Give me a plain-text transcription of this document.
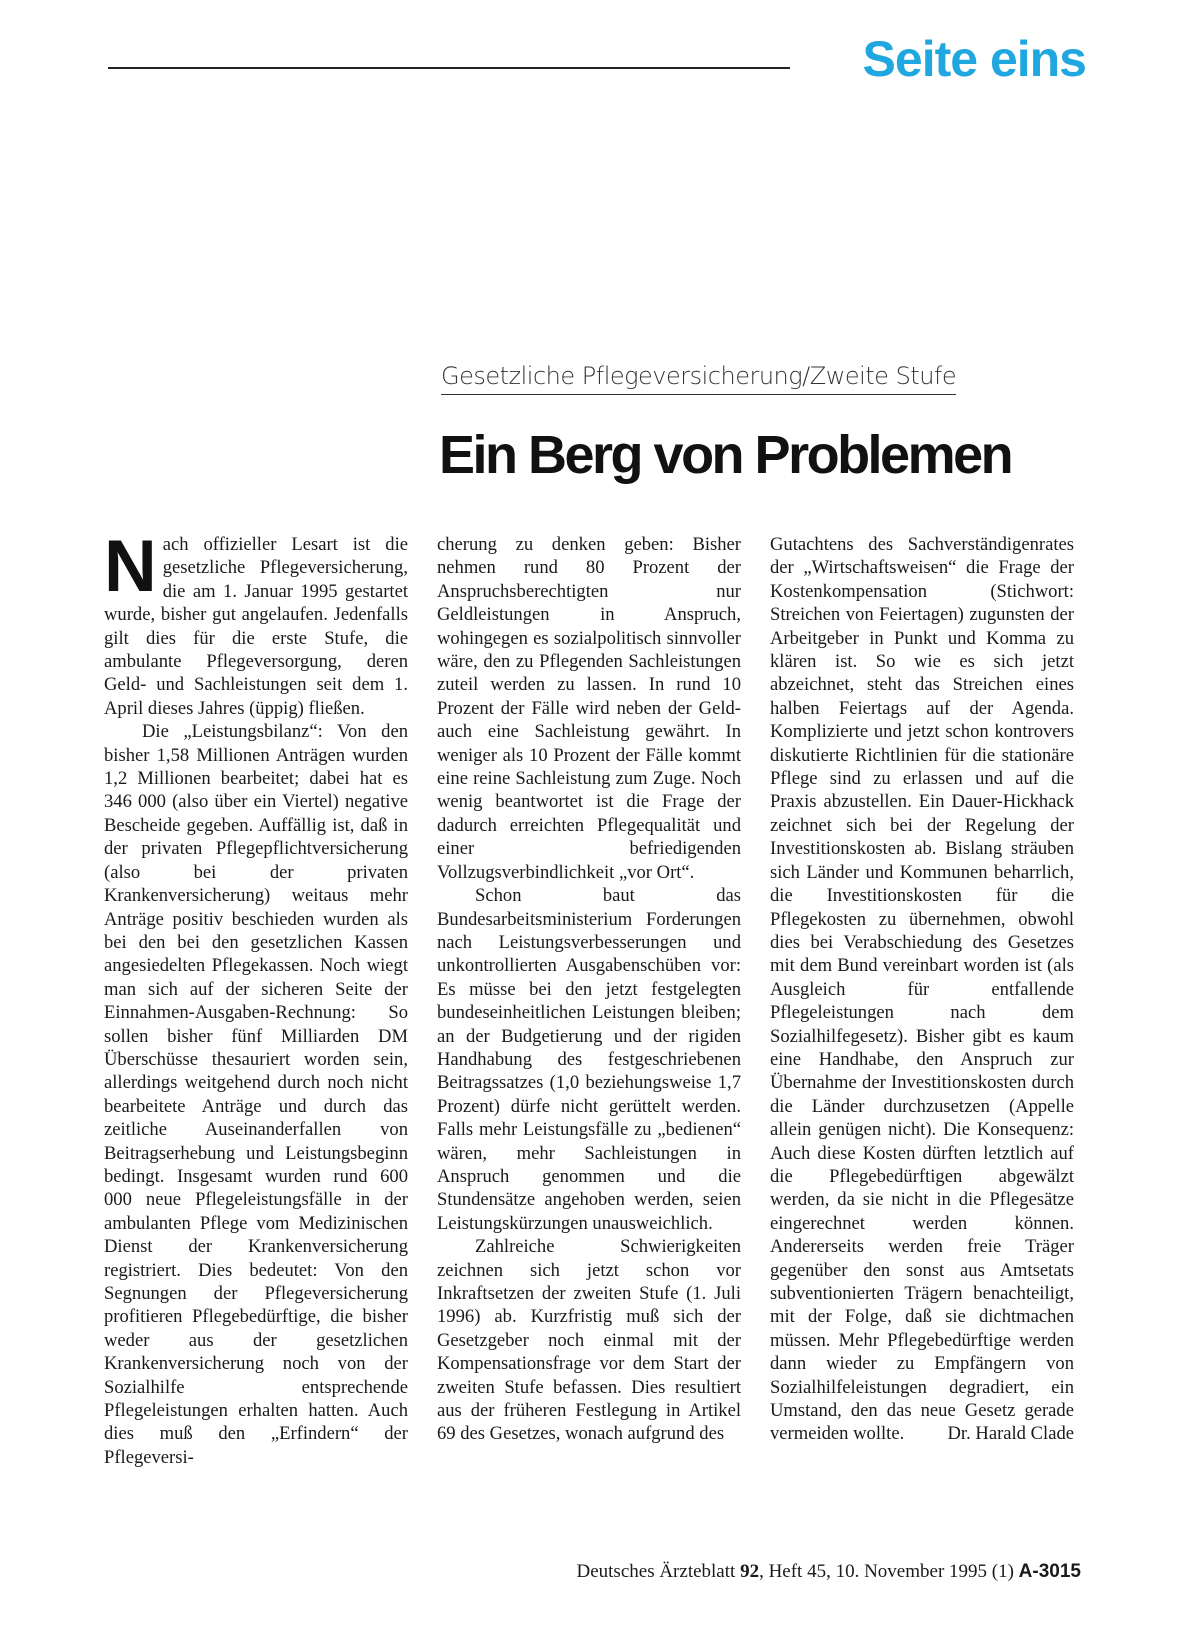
Seite eins
Gesetzliche Pflegeversicherung/Zweite Stufe
Ein Berg von Problemen
N ach offizieller Lesart ist die gesetzliche Pflegeversicherung, die am 1. Januar 1995 gestartet wurde, bisher gut angelaufen. Jedenfalls gilt dies für die erste Stufe, die ambulante Pflegeversorgung, deren Geld- und Sachleistungen seit dem 1. April dieses Jahres (üppig) fließen.

Die „Leistungsbilanz“: Von den bisher 1,58 Millionen Anträgen wurden 1,2 Millionen bearbeitet; dabei hat es 346 000 (also über ein Viertel) negative Bescheide gegeben. Auffällig ist, daß in der privaten Pflegepflichtversicherung (also bei der privaten Krankenversicherung) weitaus mehr Anträge positiv beschieden wurden als bei den bei den gesetzlichen Kassen angesiedelten Pflegekassen. Noch wiegt man sich auf der sicheren Seite der Einnahmen-Ausgaben-Rechnung: So sollen bisher fünf Milliarden DM Überschüsse thesauriert worden sein, allerdings weitgehend durch noch nicht bearbeitete Anträge und durch das zeitliche Auseinanderfallen von Beitragserhebung und Leistungsbeginn bedingt. Insgesamt wurden rund 600 000 neue Pflegeleistungsfälle in der ambulanten Pflege vom Medizinischen Dienst der Krankenversicherung registriert. Dies bedeutet: Von den Segnungen der Pflegeversicherung profitieren Pflegebedürftige, die bisher weder aus der gesetzlichen Krankenversicherung noch von der Sozialhilfe entsprechende Pflegeleistungen erhalten hatten. Auch dies muß den „Erfindern“ der Pflegeversi-

cherung zu denken geben: Bisher nehmen rund 80 Prozent der Anspruchsberechtigten nur Geldleistungen in Anspruch, wohingegen es sozialpolitisch sinnvoller wäre, den zu Pflegenden Sachleistungen zuteil werden zu lassen. In rund 10 Prozent der Fälle wird neben der Geld- auch eine Sachleistung gewährt. In weniger als 10 Prozent der Fälle kommt eine reine Sachleistung zum Zuge. Noch wenig beantwortet ist die Frage der dadurch erreichten Pflegequalität und einer befriedigenden Vollzugsverbindlichkeit „vor Ort“.

Schon baut das Bundesarbeitsministerium Forderungen nach Leistungsverbesserungen und unkontrollierten Ausgabenschüben vor: Es müsse bei den jetzt festgelegten bundeseinheitlichen Leistungen bleiben; an der Budgetierung und der rigiden Handhabung des festgeschriebenen Beitragssatzes (1,0 beziehungsweise 1,7 Prozent) dürfe nicht gerüttelt werden. Falls mehr Leistungsfälle zu „bedienen“ wären, mehr Sachleistungen in Anspruch genommen und die Stundensätze angehoben werden, seien Leistungskürzungen unausweichlich.

Zahlreiche Schwierigkeiten zeichnen sich jetzt schon vor Inkraftsetzen der zweiten Stufe (1. Juli 1996) ab. Kurzfristig muß sich der Gesetzgeber noch einmal mit der Kompensationsfrage vor dem Start der zweiten Stufe befassen. Dies resultiert aus der früheren Festlegung in Artikel 69 des Gesetzes, wonach aufgrund des

Gutachtens des Sachverständigenrates der „Wirtschaftsweisen“ die Frage der Kostenkompensation (Stichwort: Streichen von Feiertagen) zugunsten der Arbeitgeber in Punkt und Komma zu klären ist. So wie es sich jetzt abzeichnet, steht das Streichen eines halben Feiertags auf der Agenda. Komplizierte und jetzt schon kontrovers diskutierte Richtlinien für die stationäre Pflege sind zu erlassen und auf die Praxis abzustellen. Ein Dauer-Hickhack zeichnet sich bei der Regelung der Investitionskosten ab. Bislang sträuben sich Länder und Kommunen beharrlich, die Investitionskosten für die Pflegekosten zu übernehmen, obwohl dies bei Verabschiedung des Gesetzes mit dem Bund vereinbart worden ist (als Ausgleich für entfallende Pflegeleistungen nach dem Sozialhilfegesetz). Bisher gibt es kaum eine Handhabe, den Anspruch zur Übernahme der Investitionskosten durch die Länder durchzusetzen (Appelle allein genügen nicht). Die Konsequenz: Auch diese Kosten dürften letztlich auf die Pflegebedürftigen abgewälzt werden, da sie nicht in die Pflegesätze eingerechnet werden können. Andererseits werden freie Träger gegenüber den sonst aus Amtsetats subventionierten Trägern benachteiligt, mit der Folge, daß sie dichtmachen müssen. Mehr Pflegebedürftige werden dann wieder zu Empfängern von Sozialhilfeleistungen degradiert, ein Umstand, den das neue Gesetz gerade vermeiden wollte. Dr. Harald Clade

Deutsches Ärzteblatt 92, Heft 45, 10. November 1995 (1) A-3015
